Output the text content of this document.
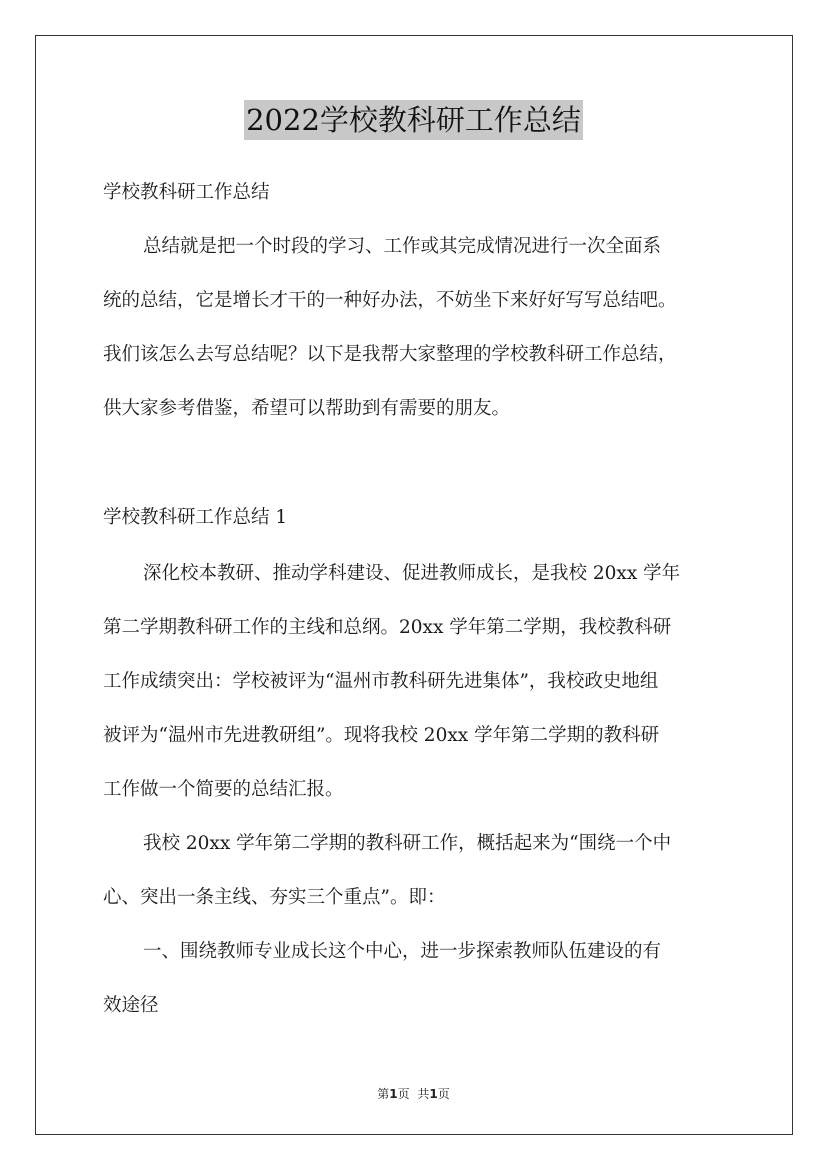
2022学校教科研工作总结
学校教科研工作总结
总结就是把一个时段的学习、工作或其完成情况进行一次全面系
统的总结，它是增长才干的一种好办法，不妨坐下来好好写写总结吧。
我们该怎么去写总结呢？以下是我帮大家整理的学校教科研工作总结，
供大家参考借鉴，希望可以帮助到有需要的朋友。
学校教科研工作总结 1
深化校本教研、推动学科建设、促进教师成长，是我校 20xx 学年
第二学期教科研工作的主线和总纲。20xx 学年第二学期，我校教科研
工作成绩突出：学校被评为“温州市教科研先进集体”，我校政史地组
被评为“温州市先进教研组”。现将我校 20xx 学年第二学期的教科研
工作做一个简要的总结汇报。
我校 20xx 学年第二学期的教科研工作，概括起来为“围绕一个中
心、突出一条主线、夯实三个重点”。即：
一、围绕教师专业成长这个中心，进一步探索教师队伍建设的有
效途径
第1页 共1页
